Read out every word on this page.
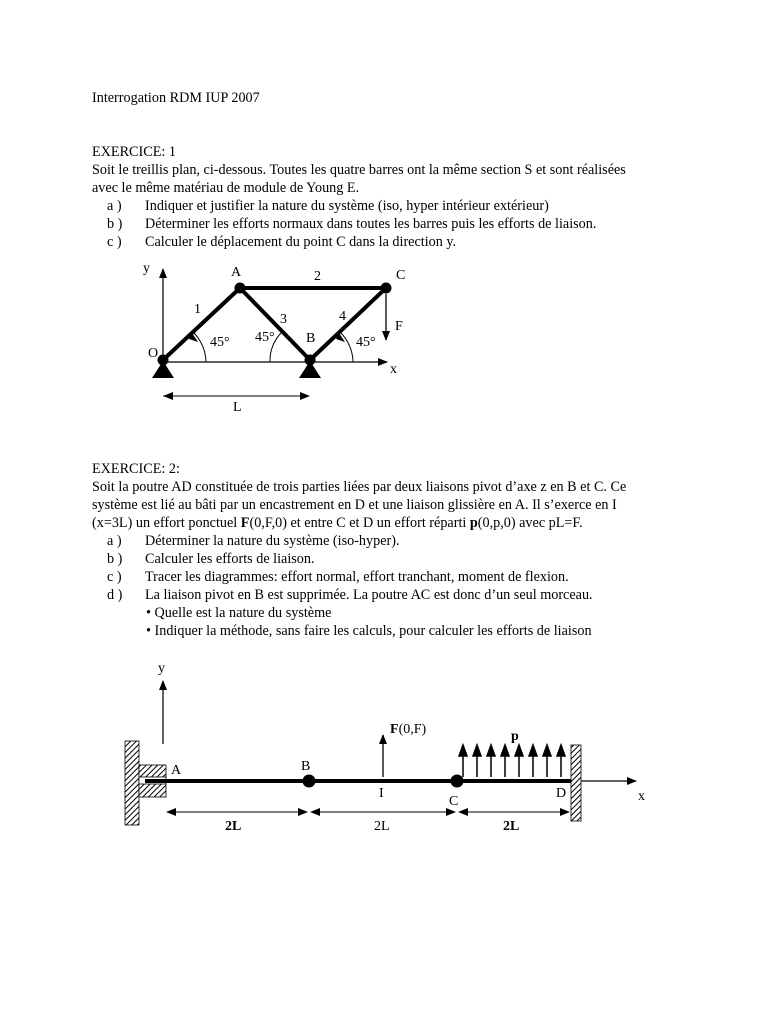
Interrogation RDM IUP 2007
EXERCICE: 1
Soit le treillis plan, ci-dessous. Toutes les quatre barres ont la même section S et sont réalisées
avec le même matériau de module de Young E.
a ) Indiquer et justifier la nature du système (iso, hyper intérieur extérieur)
b ) Déterminer les efforts normaux dans toutes les barres puis les efforts de liaison.
c ) Calculer le déplacement du point C dans la direction y.
y
x
F
O
A
B
C
1
2
3	4
45° 45°	45°
L
EXERCICE: 2:
Soit la poutre AD constituée de trois parties liées par deux liaisons pivot d’axe z en B et C. Ce
système est lié au bâti par un encastrement en D et une liaison glissière en A. Il s’exerce en I
(x=3L) un effort ponctuel F(0,F,0) et entre C et D un effort réparti p(0,p,0) avec pL=F.
a ) Déterminer la nature du système (iso-hyper).
b ) Calculer les efforts de liaison.
c ) Tracer les diagrammes: effort normal, effort tranchant, moment de flexion.
d ) La liaison pivot en B est supprimée. La poutre AC est donc d’un seul morceau.
• Quelle est la nature du système
• Indiquer la méthode, sans faire les calculs, pour calculer les efforts de liaison
y
x
A	B
I
C
D
F(0,F)	p
2L	2L	2L
